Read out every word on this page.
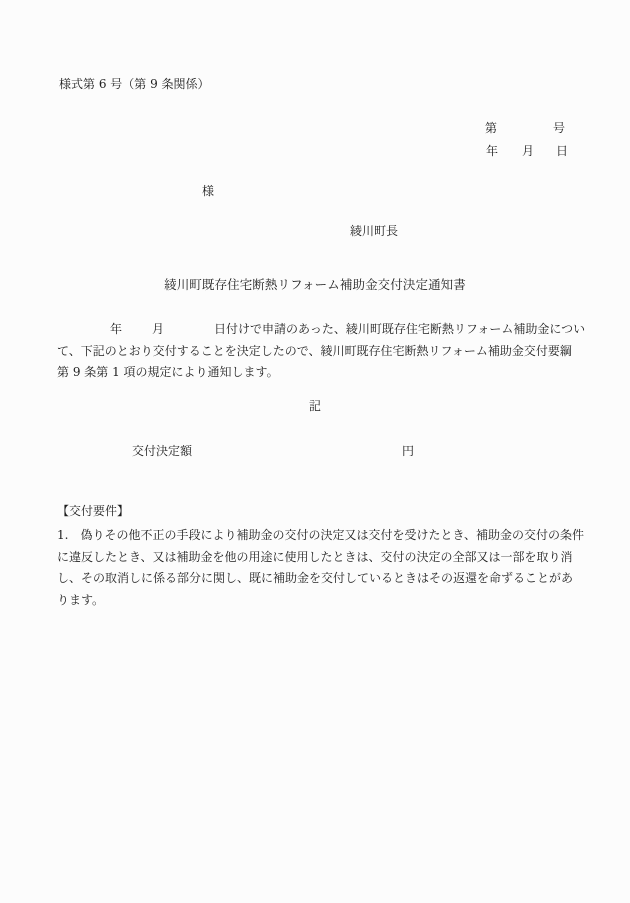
様式第 6 号（第 9 条関係）
第	号
年 月 日
様
綾川町長
綾川町既存住宅断熱リフォーム補助金交付決定通知書
年	月	日付けで申請のあった、綾川町既存住宅断熱リフォーム補助金につい
て、下記のとおり交付することを決定したので、綾川町既存住宅断熱リフォーム補助金交付要綱
第 9 条第 1 項の規定により通知します。
記
交付決定額	円
【交付要件】
1.　偽りその他不正の手段により補助金の交付の決定又は交付を受けたとき、補助金の交付の条件
に違反したとき、又は補助金を他の用途に使用したときは、交付の決定の全部又は一部を取り消
し、その取消しに係る部分に関し、既に補助金を交付しているときはその返還を命ずることがあ
ります。
